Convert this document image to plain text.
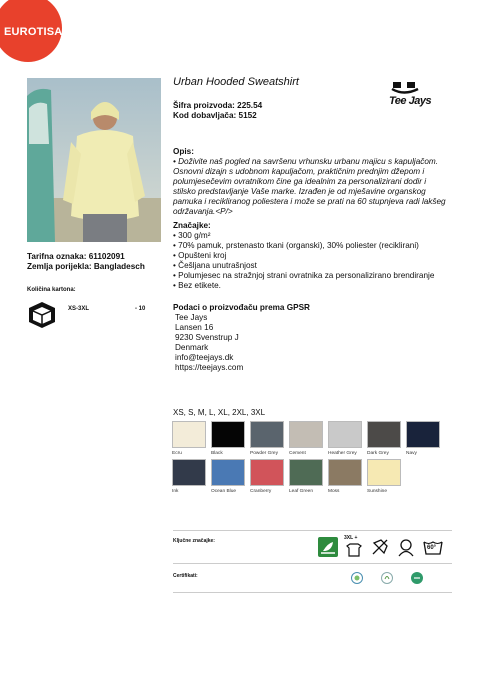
EUROTISAK
Tee Jays
Urban Hooded Sweatshirt
Šifra proizvoda: 225.54
Kod dobavljača: 5152
Opis:
• Doživite naš pogled na savršenu vrhunsku urbanu majicu s kapuljačom. Osnovni dizajn s udobnom kapuljačom, praktičnim prednjim džepom i polumjesečevim ovratnikom čine ga idealnim za personalizirani dodir i stilsko predstavljanje Vaše marke. Izrađen je od mješavine organskog pamuka i recikliranog poliestera i može se prati na 60 stupnjeva radi lakšeg održavanja.<P/>
Značajke:
• 300 g/m²
• 70% pamuk, prstenasto tkani (organski), 30% poliester (reciklirani)
• Opušteni kroj
• Češljana unutrašnjost
• Polumjesec na stražnjoj strani ovratnika za personalizirano brendiranje
• Bez etikete.
Podaci o proizvođaču prema GPSR
Tee Jays
Lansen 16
9230 Svenstrup J
Denmark
info@teejays.dk
https://teejays.com
Tarifna oznaka: 61102091
Zemlja porijekla: Bangladesch
Količina kartona:
XS-3XL	- 10
XS, S, M, L, XL, 2XL, 3XL
Ecru	Black	Powder Grey Cement	Heather Grey Dark Grey	Navy
Ink	Ocean Blue	Cranberry	Leaf Green	Moss	Sunshine
Ključne značajke:	3XL +
60°
Certifikati:
